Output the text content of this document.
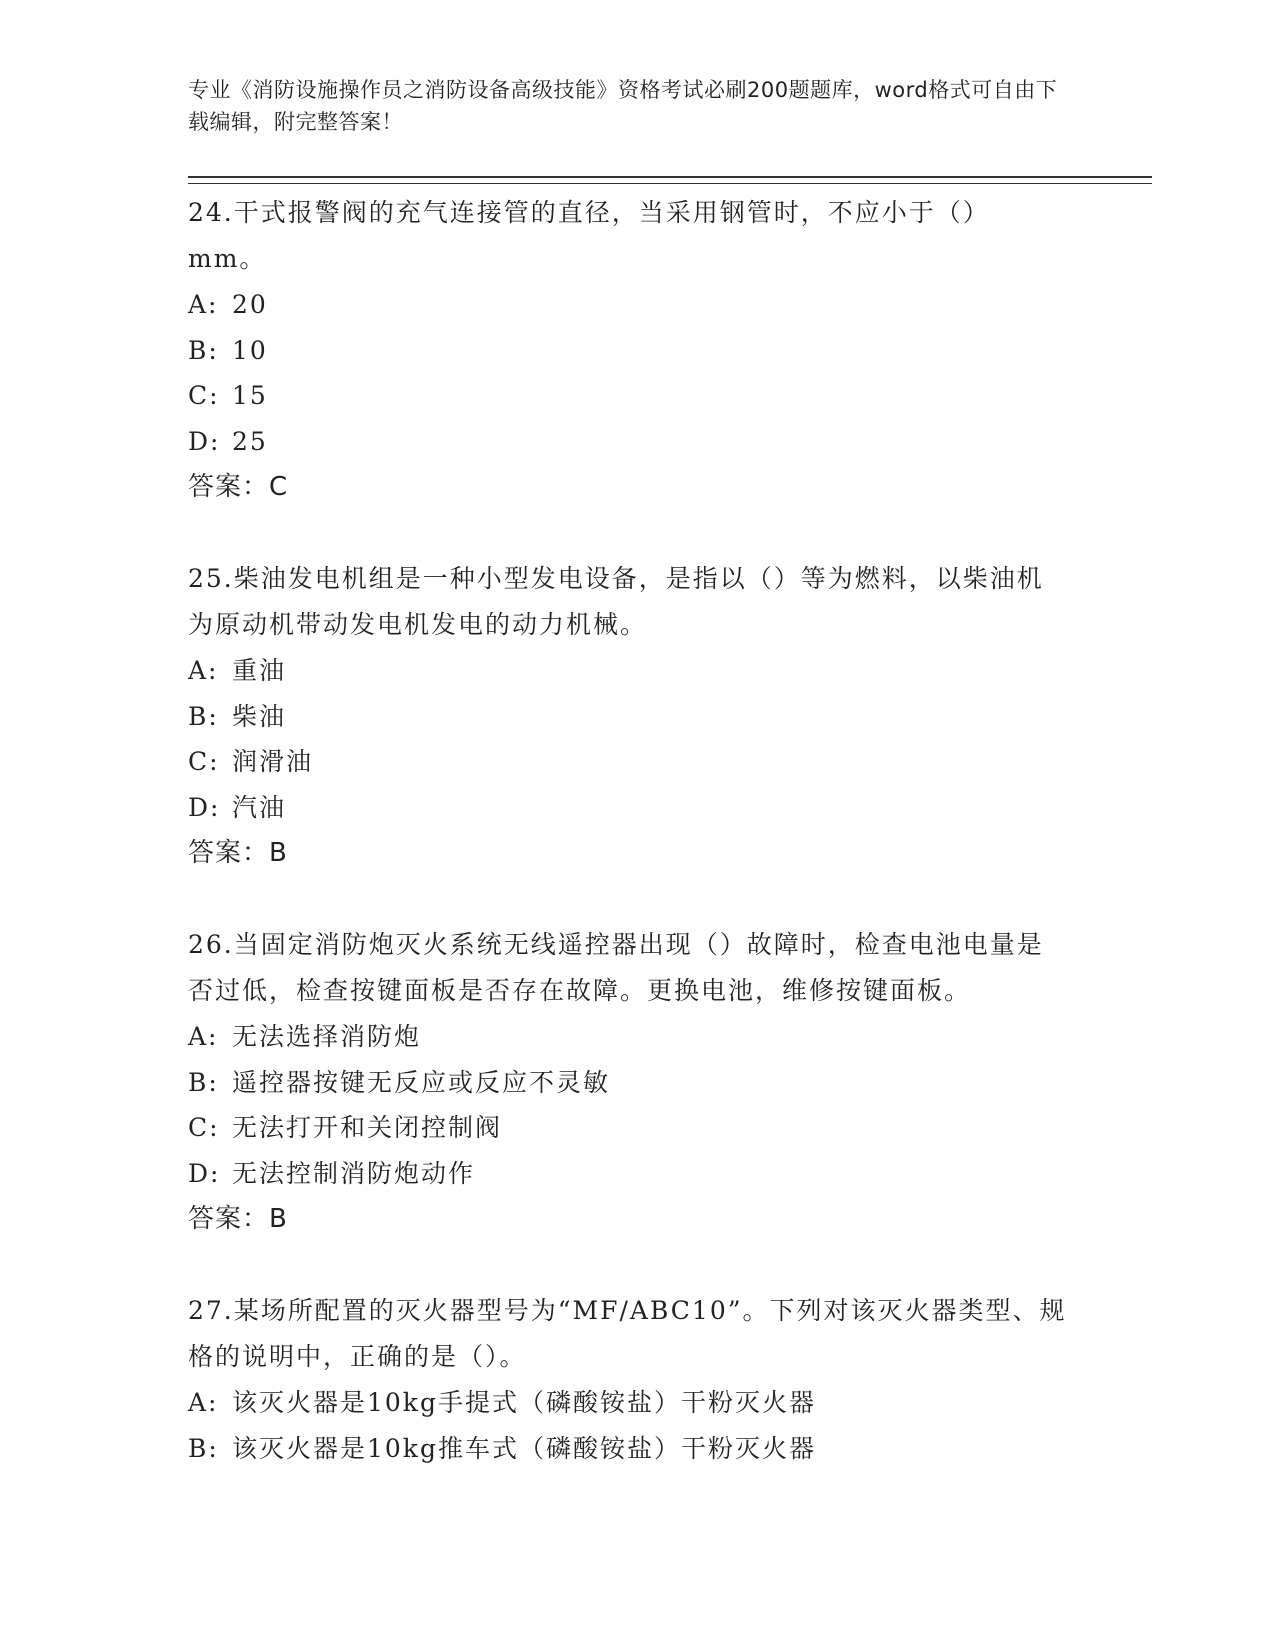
专业《消防设施操作员之消防设备高级技能》资格考试必刷200题题库，word格式可自由下载编辑，附完整答案！

24.干式报警阀的充气连接管的直径，当采用钢管时，不应小于（）mm。

A: 20

B: 10

C: 15

D: 25

答案：C

25.柴油发电机组是一种小型发电设备，是指以（）等为燃料，以柴油机为原动机带动发电机发电的动力机械。

A: 重油

B: 柴油

C: 润滑油

D: 汽油

答案：B

26.当固定消防炮灭火系统无线遥控器出现（）故障时，检查电池电量是否过低，检查按键面板是否存在故障。更换电池，维修按键面板。

A: 无法选择消防炮

B: 遥控器按键无反应或反应不灵敏

C: 无法打开和关闭控制阀

D: 无法控制消防炮动作

答案：B

27.某场所配置的灭火器型号为“MF/ABC10”。下列对该灭火器类型、规格的说明中，正确的是（）。

A: 该灭火器是10kg手提式（磷酸铵盐）干粉灭火器

B: 该灭火器是10kg推车式（磷酸铵盐）干粉灭火器
